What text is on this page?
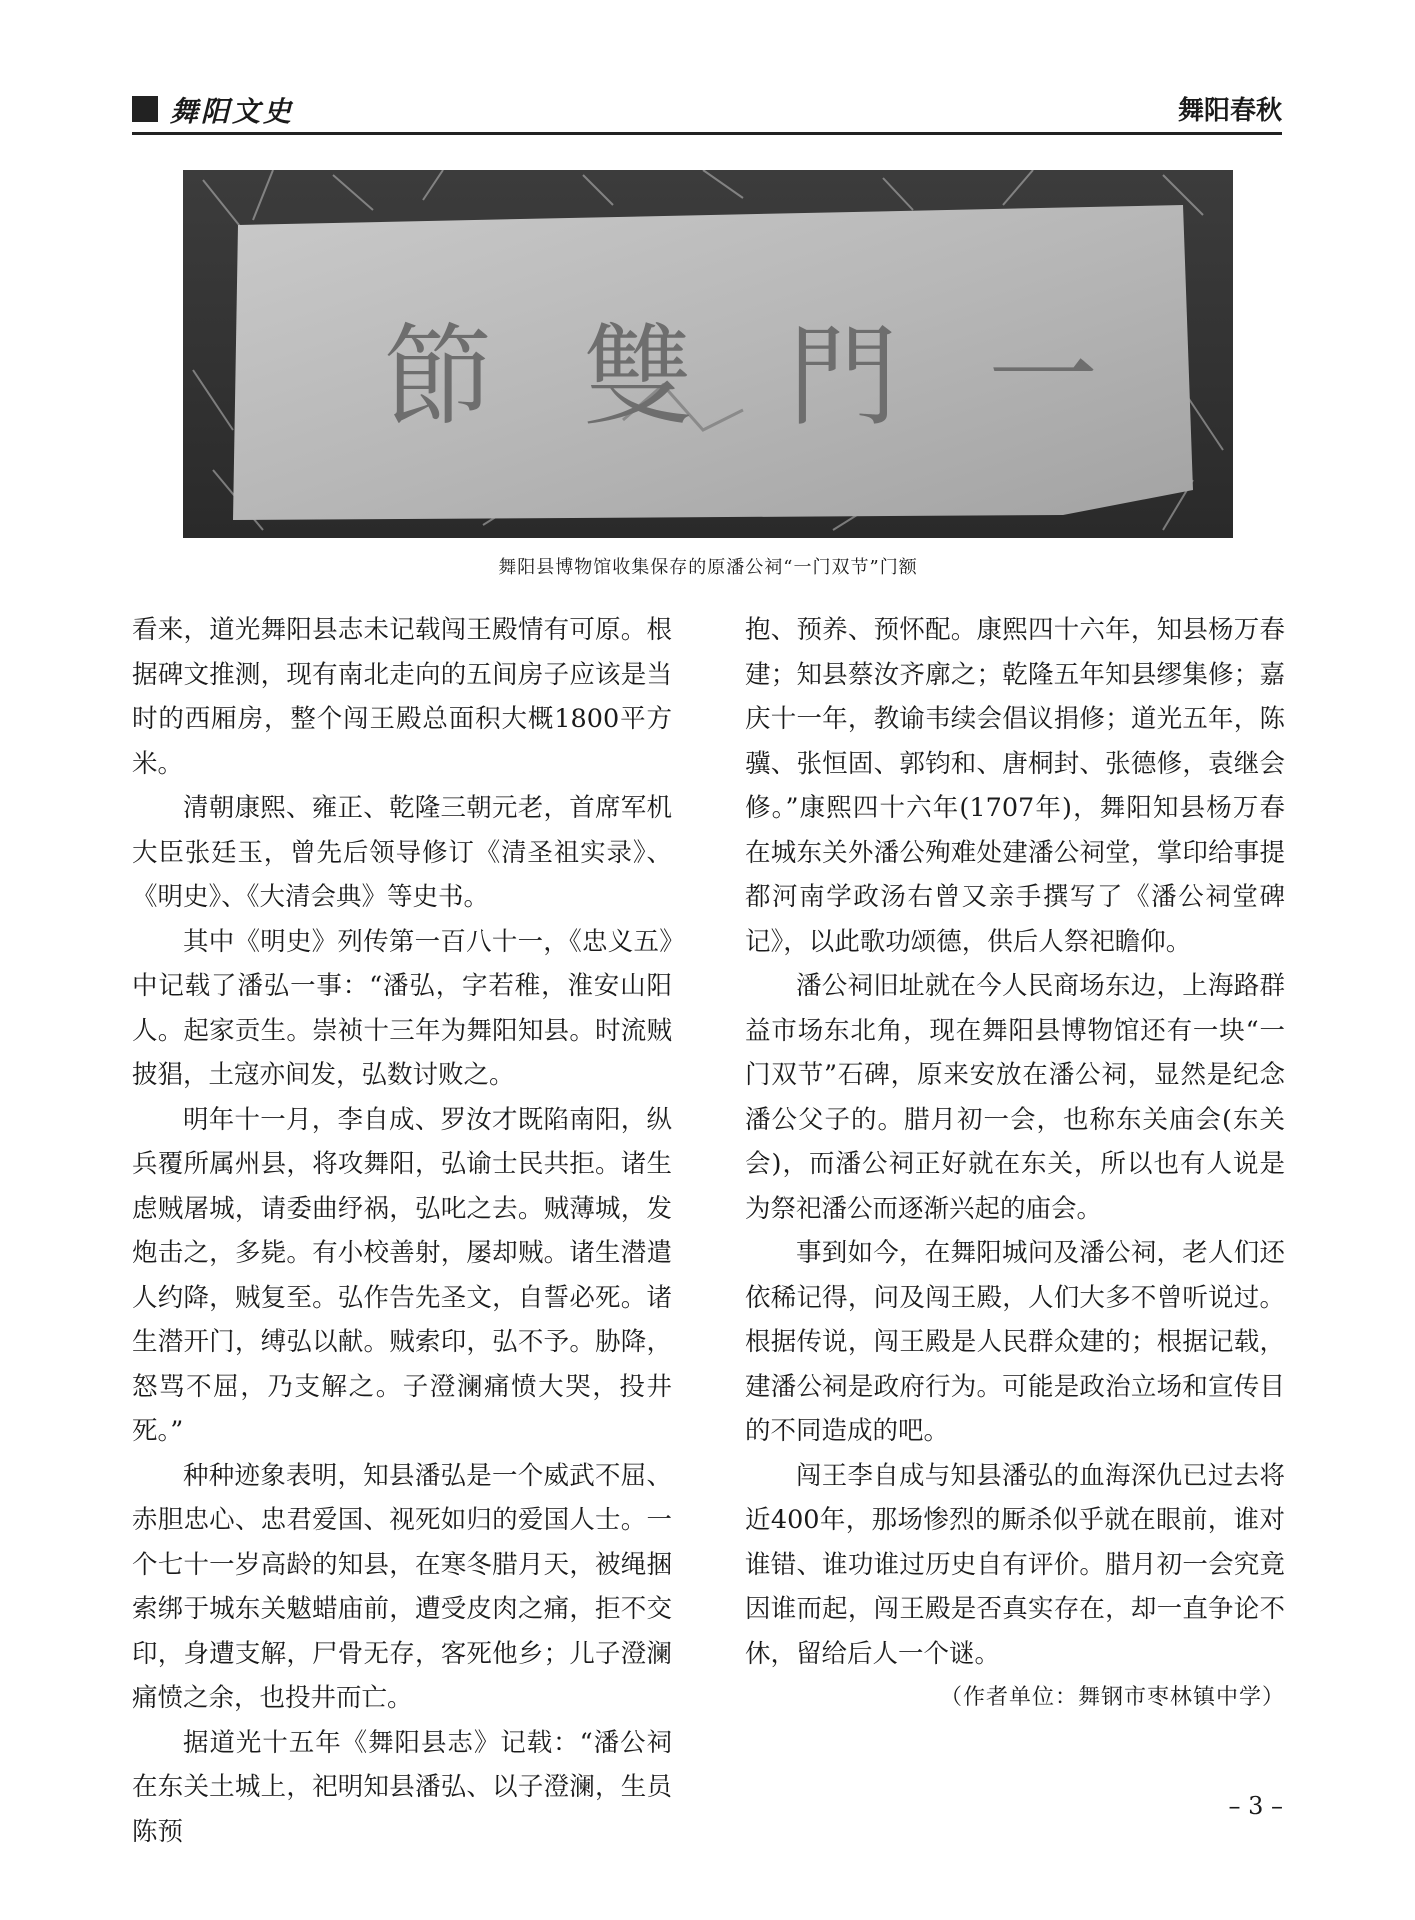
舞阳文史	舞阳春秋
節 雙 門 一
舞阳县博物馆收集保存的原潘公祠“一门双节”门额

看来，道光舞阳县志未记载闯王殿情有可原。根据碑文推测，现有南北走向的五间房子应该是当时的西厢房，整个闯王殿总面积大概1800平方米。

清朝康熙、雍正、乾隆三朝元老，首席军机大臣张廷玉，曾先后领导修订《清圣祖实录》、《明史》、《大清会典》等史书。

其中《明史》列传第一百八十一，《忠义五》中记载了潘弘一事：“潘弘，字若稚，淮安山阳人。起家贡生。崇祯十三年为舞阳知县。时流贼披猖，土寇亦间发，弘数讨败之。

明年十一月，李自成、罗汝才既陷南阳，纵兵覆所属州县，将攻舞阳，弘谕士民共拒。诸生虑贼屠城，请委曲纾祸，弘叱之去。贼薄城，发炮击之，多毙。有小校善射，屡却贼。诸生潜遣人约降，贼复至。弘作告先圣文，自誓必死。诸生潜开门，缚弘以献。贼索印，弘不予。胁降，怒骂不屈，乃支解之。子澄澜痛愤大哭，投井死。”

种种迹象表明，知县潘弘是一个威武不屈、赤胆忠心、忠君爱国、视死如归的爱国人士。一个七十一岁高龄的知县，在寒冬腊月天，被绳捆索绑于城东关魃蜡庙前，遭受皮肉之痛，拒不交印，身遭支解，尸骨无存，客死他乡；儿子澄澜痛愤之余，也投井而亡。

据道光十五年《舞阳县志》记载：“潘公祠在东关土城上，祀明知县潘弘、以子澄澜，生员陈预

抱、预养、预怀配。康熙四十六年，知县杨万春建；知县蔡汝齐廓之；乾隆五年知县缪集修；嘉庆十一年，教谕韦续会倡议捐修；道光五年，陈骥、张恒固、郭钧和、唐桐封、张德修，袁继会修。”康熙四十六年(1707年)，舞阳知县杨万春在城东关外潘公殉难处建潘公祠堂，掌印给事提都河南学政汤右曾又亲手撰写了《潘公祠堂碑记》，以此歌功颂德，供后人祭祀瞻仰。

潘公祠旧址就在今人民商场东边，上海路群益市场东北角，现在舞阳县博物馆还有一块“一门双节”石碑，原来安放在潘公祠，显然是纪念潘公父子的。腊月初一会，也称东关庙会(东关会)，而潘公祠正好就在东关，所以也有人说是为祭祀潘公而逐渐兴起的庙会。

事到如今，在舞阳城问及潘公祠，老人们还依稀记得，问及闯王殿，人们大多不曾听说过。根据传说，闯王殿是人民群众建的；根据记载，建潘公祠是政府行为。可能是政治立场和宣传目的不同造成的吧。

闯王李自成与知县潘弘的血海深仇已过去将近400年，那场惨烈的厮杀似乎就在眼前，谁对谁错、谁功谁过历史自有评价。腊月初一会究竟因谁而起，闯王殿是否真实存在，却一直争论不休，留给后人一个谜。

（作者单位：舞钢市枣林镇中学）

– 3 –
